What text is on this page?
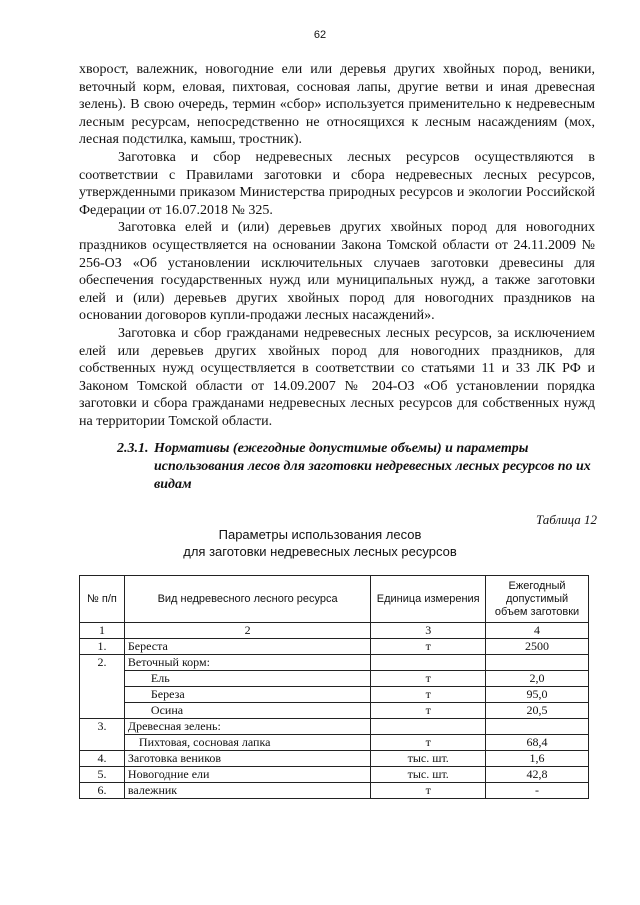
62

хворост, валежник, новогодние ели или деревья других хвойных пород, веники, веточный корм, еловая, пихтовая, сосновая лапы, другие ветви и иная древесная зелень). В свою очередь, термин «сбор» используется применительно к недревесным лесным ресурсам, непосредственно не относящихся к лесным насаждениям (мох, лесная подстилка, камыш, тростник).

Заготовка и сбор недревесных лесных ресурсов осуществляются в соответствии с Правилами заготовки и сбора недревесных лесных ресурсов, утвержденными приказом Министерства природных ресурсов и экологии Российской Федерации от 16.07.2018 № 325.

Заготовка елей и (или) деревьев других хвойных пород для новогодних праздников осуществляется на основании Закона Томской области от 24.11.2009 № 256-ОЗ «Об установлении исключительных случаев заготовки древесины для обеспечения государственных нужд или муниципальных нужд, а также заготовки елей и (или) деревьев других хвойных пород для новогодних праздников на основании договоров купли-продажи лесных насаждений».

Заготовка и сбор гражданами недревесных лесных ресурсов, за исключением елей или деревьев других хвойных пород для новогодних праздников, для собственных нужд осуществляется в соответствии со статьями 11 и 33 ЛК РФ и Законом Томской области от 14.09.2007 № 204-ОЗ «Об установлении порядка заготовки и сбора гражданами недревесных лесных ресурсов для собственных нужд на территории Томской области.

2.3.1. Нормативы (ежегодные допустимые объемы) и параметры использования лесов для заготовки недревесных лесных ресурсов по их видам
Таблица 12
Параметры использования лесов
для заготовки недревесных лесных ресурсов
№ п/п	Вид недревесного лесного ресурса	Единица измерения	Ежегодный допустимый объем заготовки
1	2	3	4
1.	Береста	т	2500
2.	Веточный корм:		
	Ель	т	2,0
	Береза	т	95,0
	Осина	т	20,5
3.	Древесная зелень:		
	Пихтовая, сосновая лапка	т	68,4
4.	Заготовка веников	тыс. шт.	1,6
5.	Новогодние ели	тыс. шт.	42,8
6.	валежник	т	-
